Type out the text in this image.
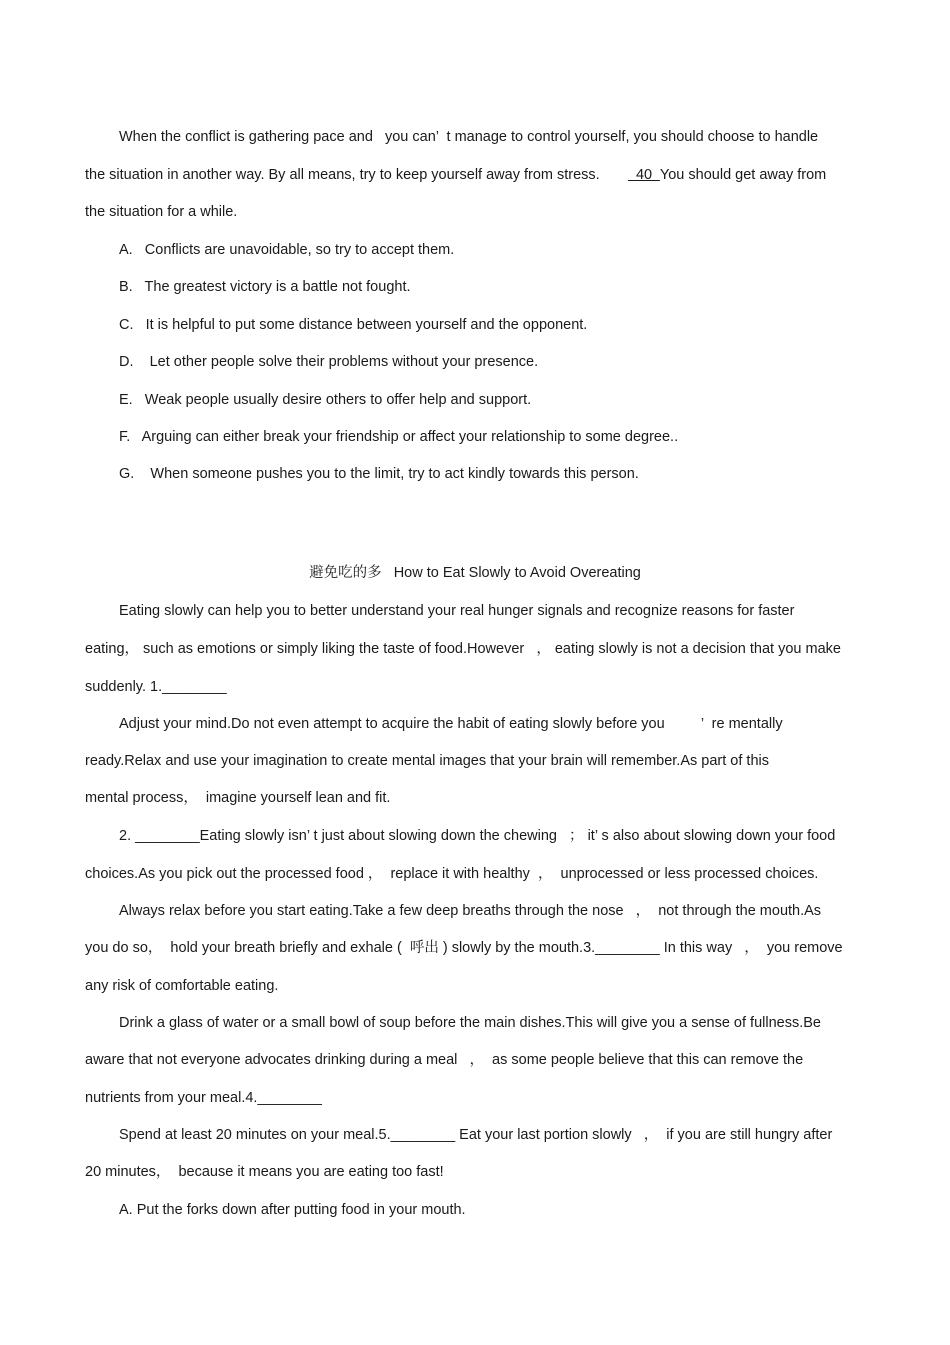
When the conflict is gathering pace and   you can’  t manage to control yourself, you should choose to handle
the situation in another way. By all means, try to keep yourself away from stress.         40  You should get away from
the situation for a while.
A.   Conflicts are unavoidable, so try to accept them.
B.   The greatest victory is a battle not fought.
C.   It is helpful to put some distance between yourself and the opponent.
D.    Let other people solve their problems without your presence.
E.   Weak people usually desire others to offer help and support.
F.   Arguing can either break your friendship or affect your relationship to some degree..
G.    When someone pushes you to the limit, try to act kindly towards this person.
避免吃的多   How to Eat Slowly to Avoid Overeating
Eating slowly can help you to better understand your real hunger signals and recognize reasons for faster
eating， such as emotions or simply liking the taste of food.However   ， eating slowly is not a decision that you make
suddenly. 1.________
Adjust your mind.Do not even attempt to acquire the habit of eating slowly before you         ’  re mentally
ready.Relax and use your imagination to create mental images that your brain will remember.As part of this
mental process，  imagine yourself lean and fit.
2. ________Eating slowly isn’ t just about slowing down the chewing   ； it’ s also about slowing down your food
choices.As you pick out the processed food ，  replace it with healthy  ，  unprocessed or less processed choices.
Always relax before you start eating.Take a few deep breaths through the nose   ，  not through the mouth.As
you do so，  hold your breath briefly and exhale (  呼出 ) slowly by the mouth.3.________ In this way   ，  you remove
any risk of comfortable eating.
Drink a glass of water or a small bowl of soup before the main dishes.This will give you a sense of fullness.Be
aware that not everyone advocates drinking during a meal   ，  as some people believe that this can remove the
nutrients from your meal.4.________
Spend at least 20 minutes on your meal.5.________ Eat your last portion slowly   ，  if you are still hungry after
20 minutes，  because it means you are eating too fast!
A. Put the forks down after putting food in your mouth.
